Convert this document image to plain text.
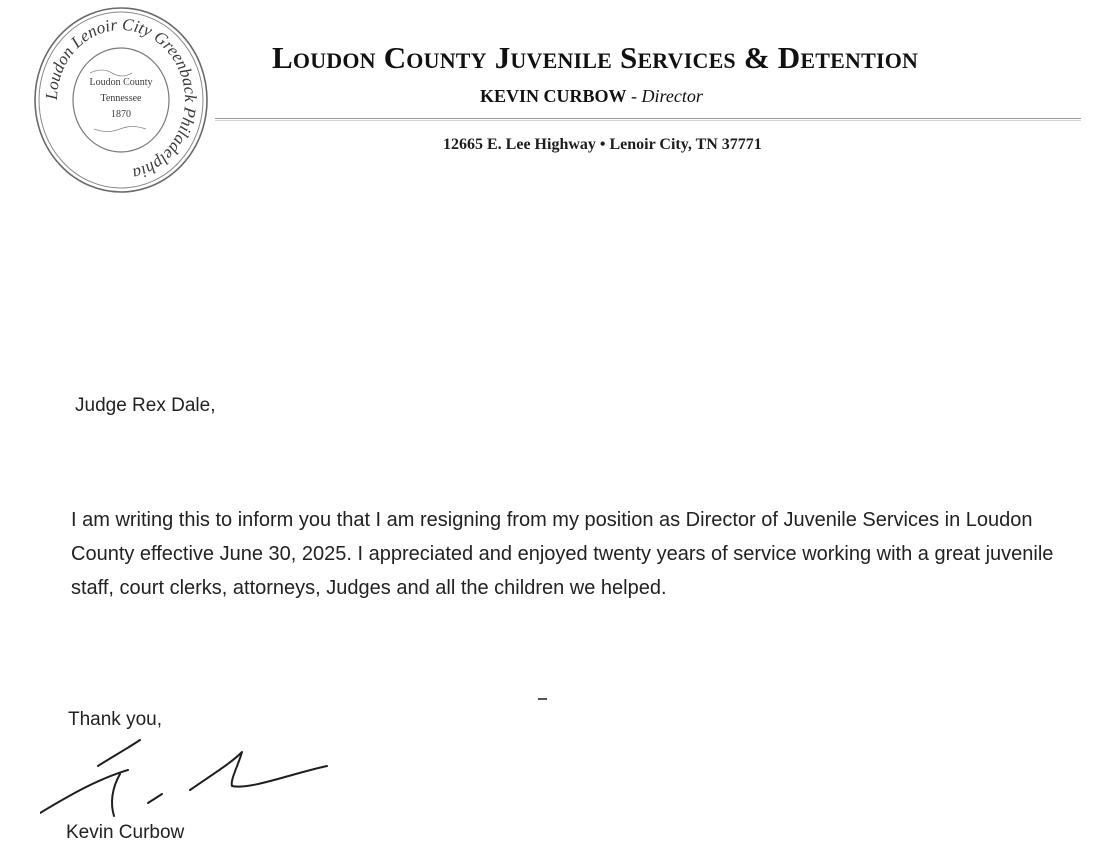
Loudon Lenoir City Greenback Philadelphia
Loudon County
Tennessee
1870
Loudon County Juvenile Services & Detention
KEVIN CURBOW - Director
12665 E. Lee Highway • Lenoir City, TN 37771
Judge Rex Dale,

I am writing this to inform you that I am resigning from my position as Director of Juvenile Services in Loudon County effective June 30, 2025. I appreciated and enjoyed twenty years of service working with a great juvenile staff, court clerks, attorneys, Judges and all the children we helped.

Thank you,
Kevin Curbow
